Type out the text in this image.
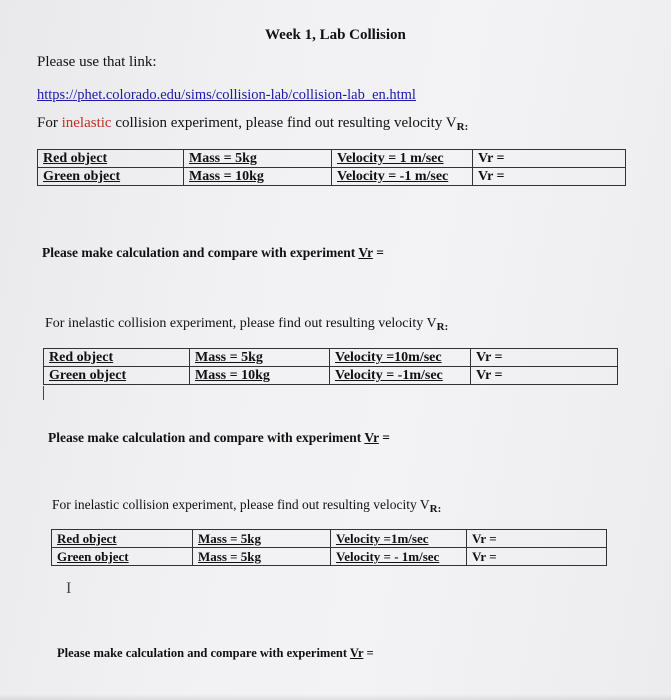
Week 1, Lab Collision
Please use that link:
https://phet.colorado.edu/sims/collision-lab/collision-lab_en.html
For inelastic collision experiment, please find out resulting velocity $V_{R:}$
Red object	Mass = 5kg	Velocity = 1 m/sec	Vr =
Green object	Mass = 10kg	Velocity = -1 m/sec	Vr =
Please make calculation and compare with experiment Vr =
For inelastic collision experiment, please find out resulting velocity $V_{R:}$
Red object	Mass = 5kg	Velocity =10m/sec	Vr =
Green object	Mass = 10kg	Velocity = -1m/sec	Vr =
Please make calculation and compare with experiment Vr =
For inelastic collision experiment, please find out resulting velocity $V_{R:}$
Red object	Mass = 5kg	Velocity =1m/sec	Vr =
Green object	Mass = 5kg	Velocity = - 1m/sec	Vr =
I
Please make calculation and compare with experiment Vr =
